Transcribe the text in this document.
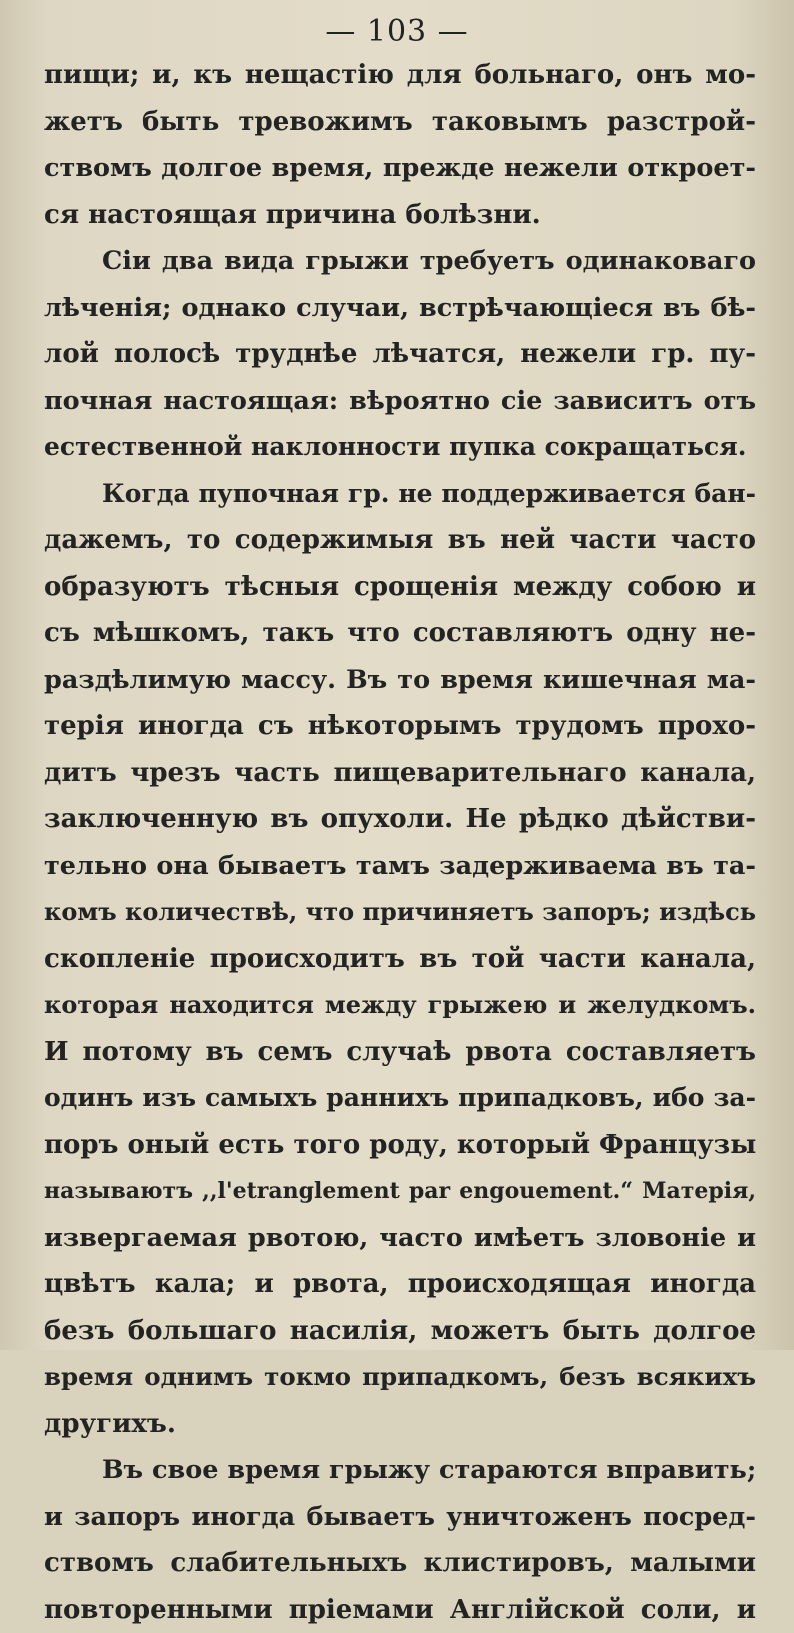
— 103 —
пищи; и, къ нещастію для больнаго, онъ мо-
жетъ быть тревожимъ таковымъ разстрой-
ствомъ долгое время, прежде нежели откроет-
ся настоящая причина болѣзни.
Сіи два вида грыжи требуетъ одинаковаго
лѣченія; однако случаи, встрѣчающіеся въ бѣ-
лой полосѣ труднѣе лѣчатся, нежели гр. пу-
почная настоящая: вѣроятно сіе зависитъ отъ
естественной наклонности пупка сокращаться.
Когда пупочная гр. не поддерживается бан-
дажемъ, то содержимыя въ ней части часто
образуютъ тѣсныя срощенія между собою и
съ мѣшкомъ, такъ что составляютъ одну не-
раздѣлимую массу. Въ то время кишечная ма-
терія иногда съ нѣкоторымъ трудомъ прохо-
дитъ чрезъ часть пищеварительнаго канала,
заключенную въ опухоли. Не рѣдко дѣйстви-
тельно она бываетъ тамъ задерживаема въ та-
комъ количествѣ, что причиняетъ запоръ; издѣсь
скопленіе происходитъ въ той части канала,
которая находится между грыжею и желудкомъ.
И потому въ семъ случаѣ рвота составляетъ
одинъ изъ самыхъ раннихъ припадковъ, ибо за-
поръ оный есть того роду, который Французы
называютъ ,,l'etranglement par engouement.“ Матерія,
извергаемая рвотою, часто имѣетъ зловоніе и
цвѣтъ кала; и рвота, происходящая иногда
безъ большаго насилія, можетъ быть долгое
время однимъ токмо припадкомъ, безъ всякихъ
другихъ.
Въ свое время грыжу стараются вправить;
и запоръ иногда бываетъ уничтоженъ посред-
ствомъ слабительныхъ клистировъ, малыми
повторенными пріемами Англійской соли, и
